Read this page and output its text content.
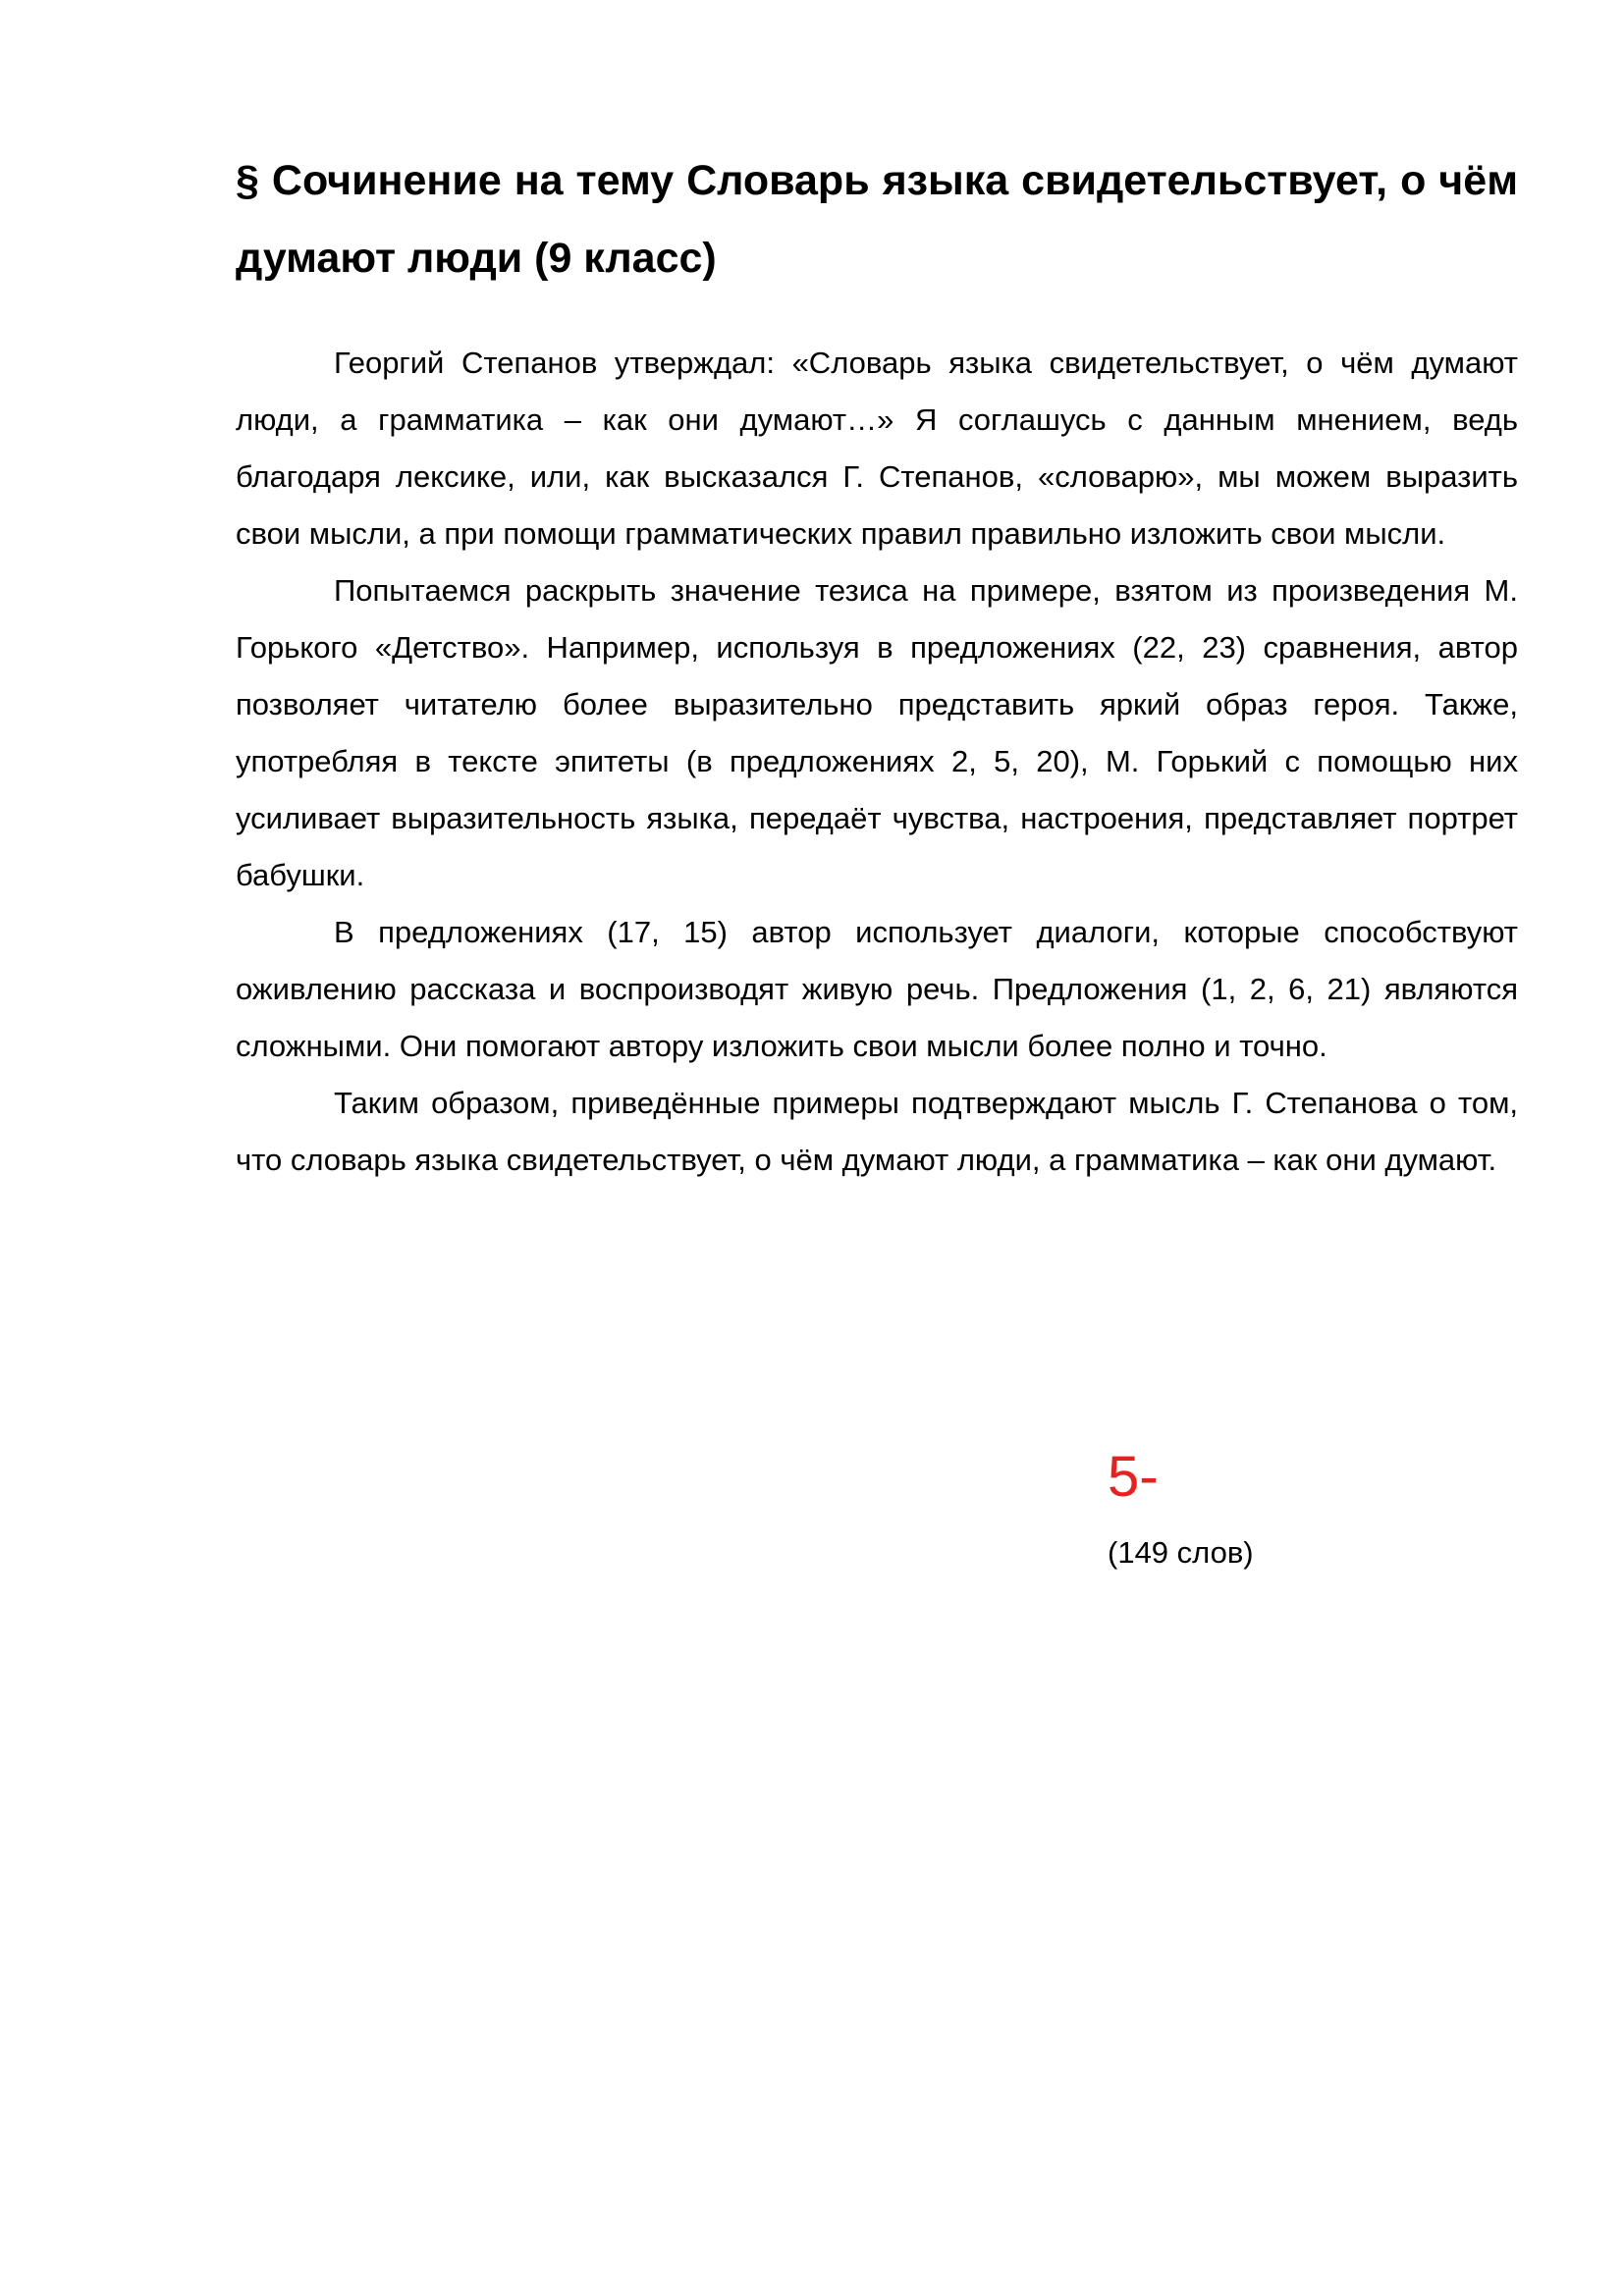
§ Сочинение на тему Словарь языка свидетельствует, о чём думают люди (9 класс)

Георгий Степанов утверждал: «Словарь языка свидетельствует, о чём думают люди, а грамматика – как они думают…» Я соглашусь с данным мнением, ведь благодаря лексике, или, как высказался Г. Степанов, «словарю», мы можем выразить свои мысли, а при помощи грамматических правил правильно изложить свои мысли.

Попытаемся раскрыть значение тезиса на примере, взятом из произведения М. Горького «Детство». Например, используя в предложениях (22, 23) сравнения, автор позволяет читателю более выразительно представить яркий образ героя. Также, употребляя в тексте эпитеты (в предложениях 2, 5, 20), М. Горький с помощью них усиливает выразительность языка, передаёт чувства, настроения, представляет портрет бабушки.

В предложениях (17, 15) автор использует диалоги, которые способствуют оживлению рассказа и воспроизводят живую речь. Предложения (1, 2, 6, 21) являются сложными. Они помогают автору изложить свои мысли более полно и точно.

Таким образом, приведённые примеры подтверждают мысль Г. Степанова о том, что словарь языка свидетельствует, о чём думают люди, а грамматика – как они думают.

5-

(149 слов)
